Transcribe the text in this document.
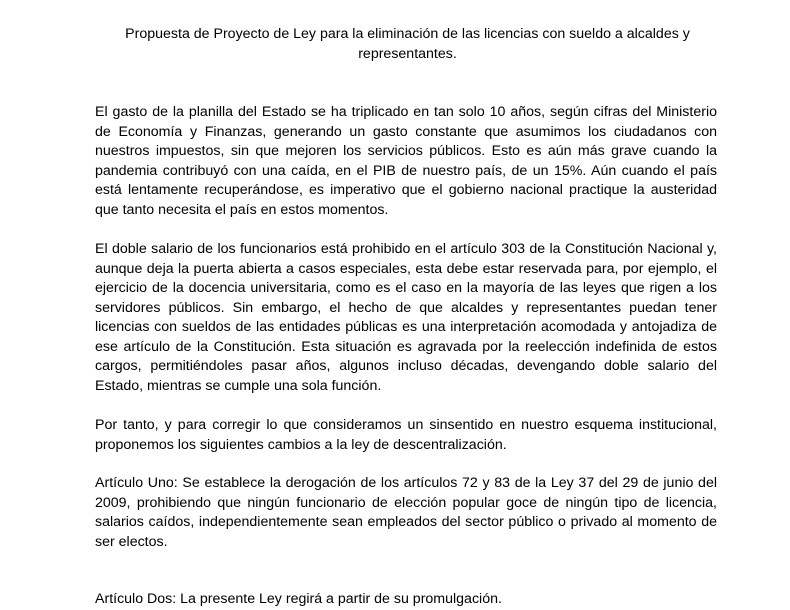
Propuesta de Proyecto de Ley para la eliminación de las licencias con sueldo a alcaldes y representantes.

El gasto de la planilla del Estado se ha triplicado en tan solo 10 años, según cifras del Ministerio de Economía y Finanzas, generando un gasto constante que asumimos los ciudadanos con nuestros impuestos, sin que mejoren los servicios públicos. Esto es aún más grave cuando la pandemia contribuyó con una caída, en el PIB de nuestro país, de un 15%. Aún cuando el país está lentamente recuperándose, es imperativo que el gobierno nacional practique la austeridad que tanto necesita el país en estos momentos.

El doble salario de los funcionarios está prohibido en el artículo 303 de la Constitución Nacional y, aunque deja la puerta abierta a casos especiales, esta debe estar reservada para, por ejemplo, el ejercicio de la docencia universitaria, como es el caso en la mayoría de las leyes que rigen a los servidores públicos. Sin embargo, el hecho de que alcaldes y representantes puedan tener licencias con sueldos de las entidades públicas es una interpretación acomodada y antojadiza de ese artículo de la Constitución. Esta situación es agravada por la reelección indefinida de estos cargos, permitiéndoles pasar años, algunos incluso décadas, devengando doble salario del Estado, mientras se cumple una sola función.

Por tanto, y para corregir lo que consideramos un sinsentido en nuestro esquema institucional, proponemos los siguientes cambios a la ley de descentralización.

Artículo Uno: Se establece la derogación de los artículos 72 y 83 de la Ley 37 del 29 de junio del 2009, prohibiendo que ningún funcionario de elección popular goce de ningún tipo de licencia, salarios caídos, independientemente sean empleados del sector público o privado al momento de ser electos.

Artículo Dos: La presente Ley regirá a partir de su promulgación.
